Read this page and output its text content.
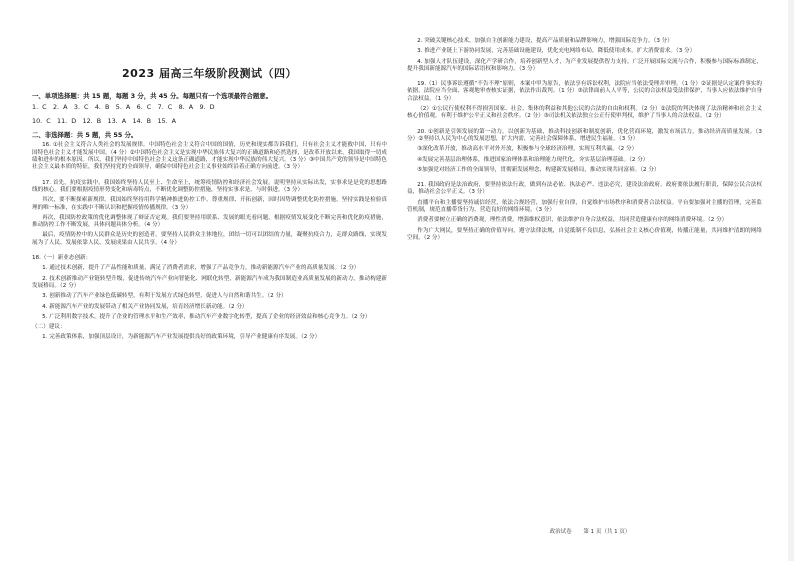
2023 届高三年级阶段测试（四）
一、单项选择题：共 15 题，每题 3 分，共 45 分。每题只有一个选项最符合题意。
1. C　2. A　3. C　4. B　5. A　6. C　7. C　8. A　9. D
10. C　11. D　12. B　13. A　14. B　15. A
二、非选择题：共 5 题，共 55 分。

16. ①社会主义符合人类社会的发展规律。中国特色社会主义符合中国的国情，历史和现实都告诉我们，只有社会主义才能救中国，只有中国特色社会主义才能发展中国。（4 分）②中国特色社会主义是实现中华民族伟大复兴的正确道路和必然选择，是改革开放以来，我国取得一切成绩和进步的根本原因。所以，我们坚持中国特色社会主义这条正确道路，才能实现中华民族的伟大复兴。（3 分）③中国共产党的领导是中国特色社会主义最本质的特征，我们坚持党的全面领导，确保中国特色社会主义事业始终沿着正确方向前进。（3 分）

17. 首先，抗疫实践中，我国始终坚持人民至上、生命至上，统筹疫情防控和经济社会发展，说明坚持从实际出发，实事求是是党的思想路线的核心。我们要根据疫情形势变化和病毒特点，不断优化调整防控措施，坚持实事求是、与时俱进。（3 分）

其次，要不断探索新规律。我国始终坚持用科学精神推进防控工作，尊重规律、开拓创新，因时因势调整优化防控措施，坚持实践是检验真理的唯一标准，在实践中不断认识和把握疫情传播规律。（3 分）

再次，我国防控政策的优化调整体现了辩证否定观。我们要坚持用联系、发展的眼光看问题，根据疫情发展变化不断完善和优化防疫措施，推动防控工作不断发展，具体问题具体分析。（4 分）

最后，疫情防控中的人民群众是历史的创造者，要坚持人民群众主体地位，团结一切可以团结的力量，凝聚抗疫合力，走群众路线，实现发展为了人民、发展依靠人民、发展成果由人民共享。（4 分）

18.（一）新业态创新：

1. 通过技术创新，提升了产品性能和质量，满足了消费者需求，增强了产品竞争力，推动新能源汽车产业的高质量发展。（2 分）

2. 技术创新推动产业链转型升级，促进传统汽车产业向智能化、网联化转型，新能源汽车成为我国制造业高质量发展的新动力，推动构建新发展格局。（2 分）

3. 创新推动了汽车产业绿色低碳转型，有利于发展方式绿色转型，促进人与自然和谐共生。（2 分）

4. 新能源汽车产业的发展带动了相关产业协同发展，培育经济增长新动能。（2 分）

5. 广泛利用数字技术，提升了企业的管理水平和生产效率，推动汽车产业数字化转型，提高了企业的经济效益和核心竞争力。（2 分）

（二）建议：

1. 完善政策体系，加强顶层设计，为新能源汽车产业发展提供良好的政策环境，引导产业健康有序发展。（2 分）

2. 突破关键核心技术，加强自主创新能力建设，提高产品质量和品牌影响力，增强国际竞争力。（3 分）

3. 推进产业链上下游协同发展，完善基础设施建设，优化充电网络布局，降低使用成本，扩大消费需求。（3 分）

4. 加强人才队伍建设，深化产学研合作，培养创新型人才，为产业发展提供智力支持。广泛开展国际交流与合作，积极参与国际标准制定，提升我国新能源汽车的国际话语权和影响力。（3 分）

19.（1）民事诉讼遵循“不告不理”原则，本案中甲为原告，依法享有诉讼权利，法院应当依法受理并审理。（1 分）②证据是认定案件事实的依据，法院应当全面、客观地审查核实证据，依法作出裁判。（1 分）③法律面前人人平等，公民的合法权益受法律保护，当事人应依法维护自身合法权益。（1 分）

（2）①公民行使权利不得损害国家、社会、集体的利益和其他公民的合法的自由和权利。（2 分）②法院的判决体现了法治精神和社会主义核心价值观，有利于维护公平正义和社会秩序。（2 分）③司法机关依法独立公正行使审判权，维护了当事人的合法权益。（2 分）

20. ①创新是引领发展的第一动力。以创新为基础，推动科技创新和制度创新，优化营商环境，激发市场活力，推动经济高质量发展。（3 分）②坚持以人民为中心的发展思想，扩大内需，完善社会保障体系，增进民生福祉。（3 分）

③深化改革开放，推动高水平对外开放，积极参与全球经济治理，实现互利共赢。（2 分）

④发展完善基层治理体系，推进国家治理体系和治理能力现代化，夯实基层治理基础。（2 分）

⑤加强党对经济工作的全面领导，贯彻新发展理念，构建新发展格局，推动实现共同富裕。（2 分）

21. 我国政府是法治政府，要坚持依法行政，做到有法必依、执法必严、违法必究，建设法治政府。政府要依法履行职责，保障公民合法权益，推动社会公平正义。（3 分）

直播平台和主播要坚持诚信经营，依法合规经营，加强行业自律，自觉维护市场秩序和消费者合法权益。平台要加强对主播的管理，完善监管机制，规范直播带货行为，营造良好的网络环境。（3 分）

消费者要树立正确的消费观，理性消费，增强维权意识，依法维护自身合法权益，共同营造健康有序的网络消费环境。（2 分）

作为广大网民，要坚持正确的价值导向，遵守法律法规，自觉抵制不良信息，弘扬社会主义核心价值观，传播正能量，共同维护清朗的网络空间。（2 分）

政治试卷 第 1 页（共 1 页）
